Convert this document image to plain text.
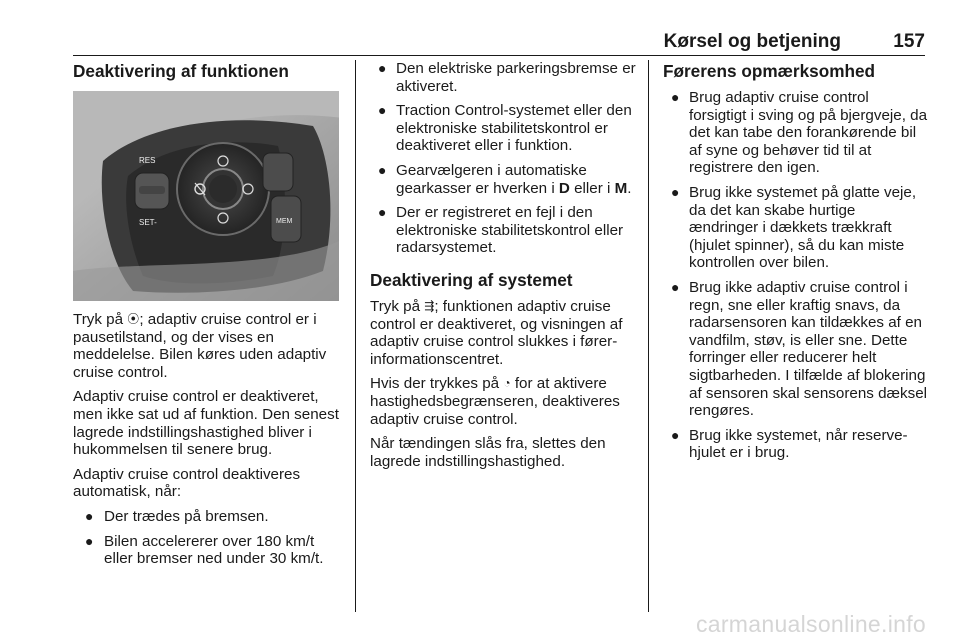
Kørsel og betjening	157
Deaktivering af funktionen
RES
SET-	MEM

Tryk på ⦿; adaptiv cruise control er i pausetilstand, og der vises en meddelelse. Bilen køres uden adaptiv cruise control.

Adaptiv cruise control er deaktiveret, men ikke sat ud af funktion. Den senest lagrede indstillingshastighed bliver i hukommelsen til senere brug.

Adaptiv cruise control deaktiveres automatisk, når:

● Der trædes på bremsen.
● Bilen accelererer over 180 km/t eller bremser ned under 30 km/t.
● Den elektriske parkeringsbremse er aktiveret.
● Traction Control-systemet eller den elektroniske stabilitetskontrol er deaktiveret eller i funktion.
● Gearvælgeren i automatiske gearkasser er hverken i D eller i M.
● Der er registreret en fejl i den elektroniske stabilitetskontrol eller radarsystemet.
Deaktivering af systemet

Tryk på ⇶; funktionen adaptiv cruise control er deaktiveret, og visningen af adaptiv cruise control slukkes i førerinformationscentret.

Hvis der trykkes på ◔ for at aktivere hastighedsbegrænseren, deaktiveres adaptiv cruise control.

Når tændingen slås fra, slettes den lagrede indstillingshastighed.

Førerens opmærksomhed
● Brug adaptiv cruise control forsigtigt i sving og på bjergveje, da det kan tabe den forankørende bil af syne og behøver tid til at registrere den igen.
● Brug ikke systemet på glatte veje, da det kan skabe hurtige ændringer i dækkets trækkraft (hjulet spinner), så du kan miste kontrollen over bilen.
● Brug ikke adaptiv cruise control i regn, sne eller kraftig snavs, da radarsensoren kan tildækkes af en vandfilm, støv, is eller sne. Dette forringer eller reducerer helt sigtbarheden. I tilfælde af blokering af sensoren skal sensorens dæksel rengøres.
● Brug ikke systemet, når reservehjulet er i brug.
carmanualsonline.info
